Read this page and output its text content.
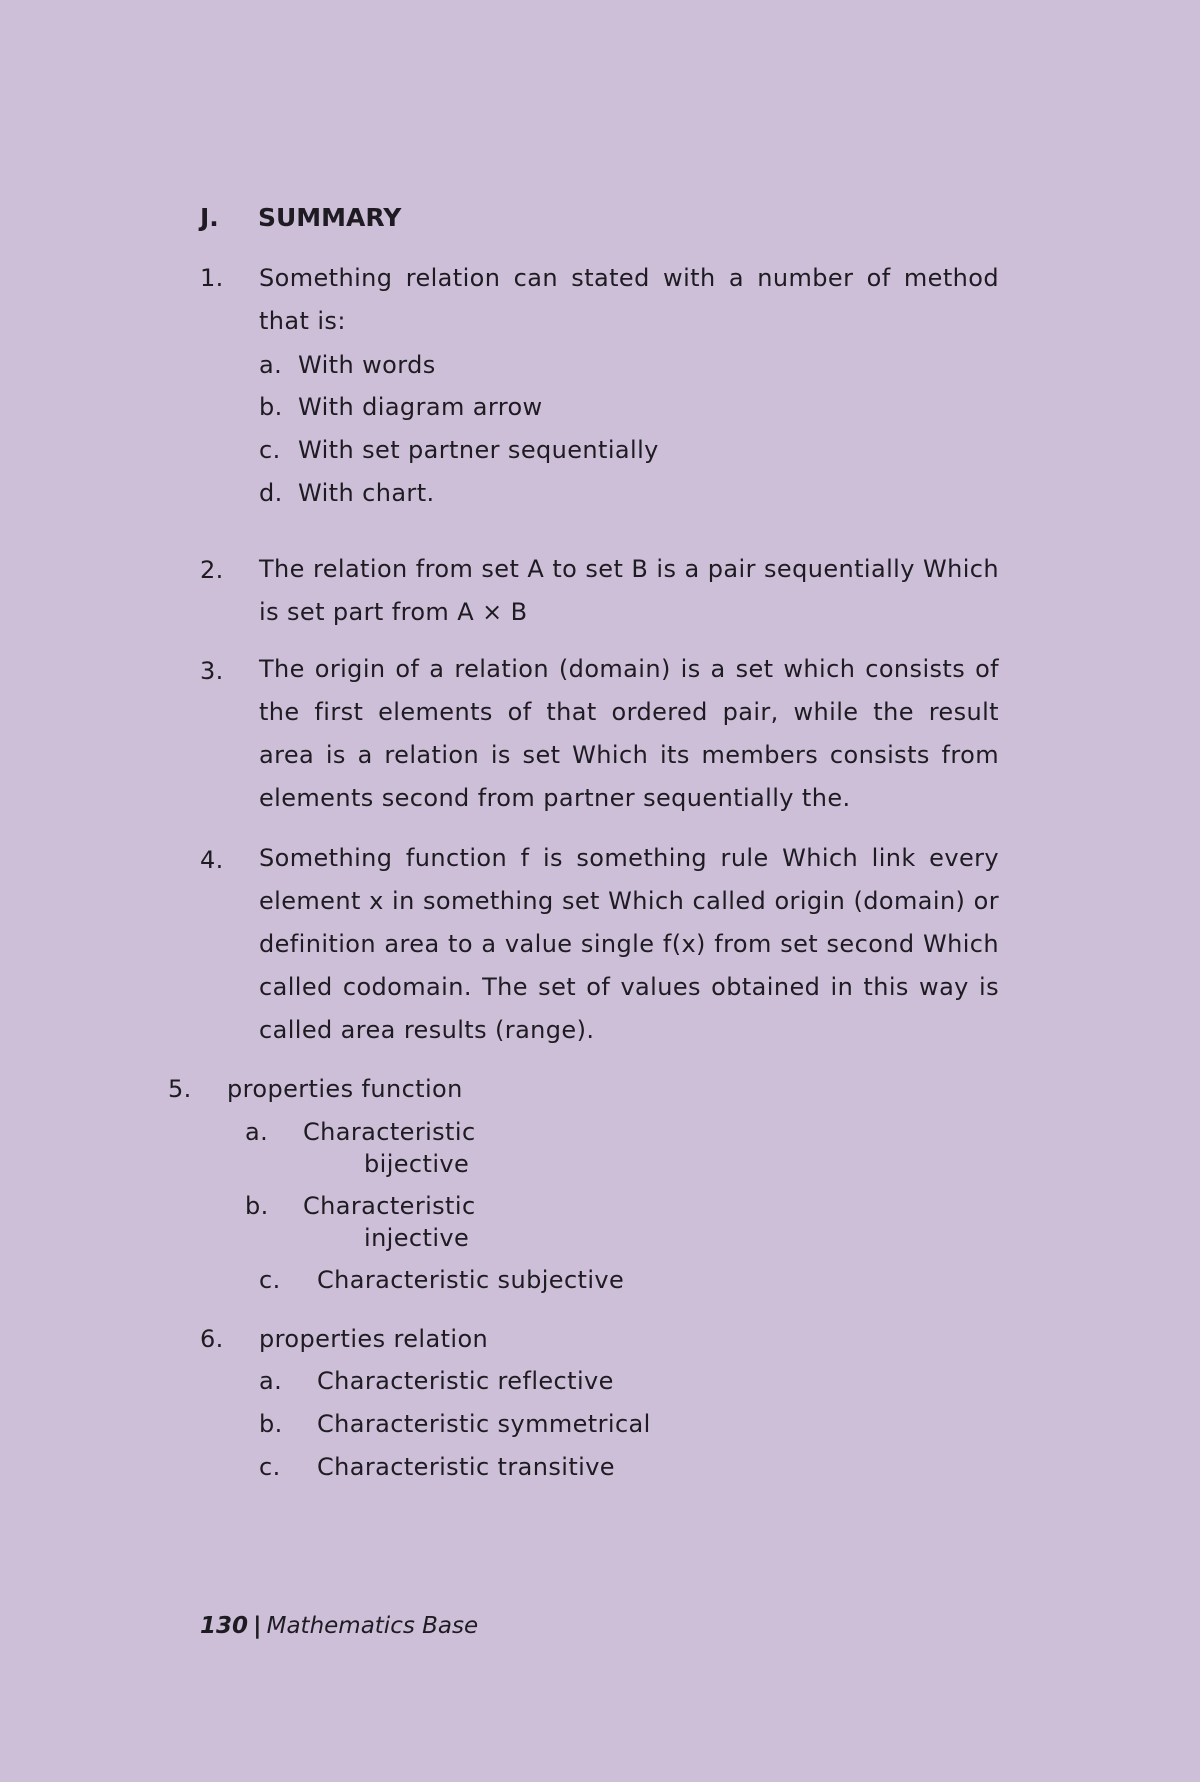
J. SUMMARY
1. Something relation can stated with a number of method that is:
a. With words
b. With diagram arrow
c. With set partner sequentially
d. With chart.
2. The relation from set A to set B is a pair sequentially Which is set part from A × B
3. The origin of a relation (domain) is a set which consists of the first elements of that ordered pair, while the result area is a relation is set Which its members consists from elements second from partner sequentially the.
4. Something function f is something rule Which link every element x in something set Which called origin (domain) or definition area to a value single f(x) from set second Which called codomain. The set of values obtained in this way is called area results (range).
5. properties function
a. Characteristic
bijective
b. Characteristic
injective
c. Characteristic subjective
6. properties relation
a. Characteristic reflective
b. Characteristic symmetrical
c. Characteristic transitive
130 | Mathematics Base
